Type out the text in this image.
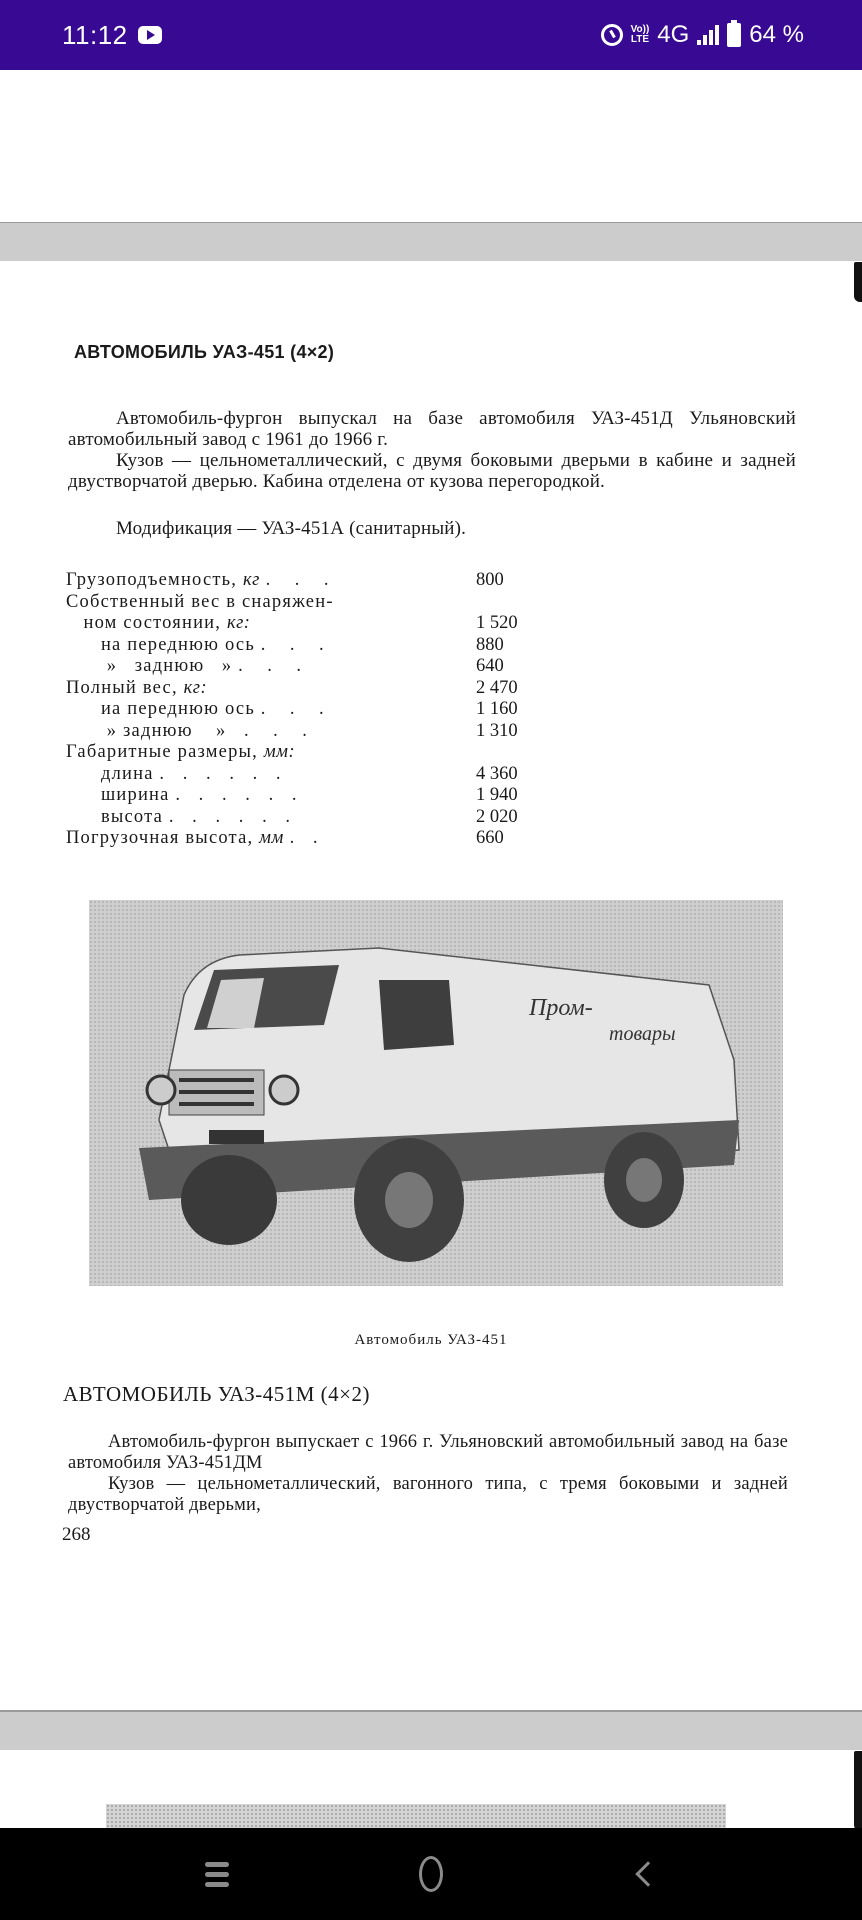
11:12	Vo))
LTE 4G	64 %
АВТОМОБИЛЬ УАЗ-451 (4×2)

Автомобиль-фургон выпускал на базе автомобиля УАЗ-451Д Ульяновский автомобильный завод с 1961 до 1966 г.

Кузов — цельнометаллический, с двумя боковыми дверьми в кабине и задней двустворчатой дверью. Кабина отделена от кузова перегородкой.

Модификация — УАЗ-451А (санитарный).

Грузоподъемность, кг .    .    .	800
Собственный вес в снаряжен-
ном состоянии, кг:	1 520
на переднюю ось .    .    .	880
»   заднюю   » .    .    .	640
Полный вес, кг:	2 470
иа переднюю ось .    .    .	1 160
» заднюю    »   .    .    .	1 310
Габаритные размеры, мм:
длина .   .   .   .   .   .	4 360
ширина .   .   .   .   .   .	1 940
высота .   .   .   .   .   .	2 020
Погрузочная высота, мм .   .	660
Пром-
товары
Автомобиль УАЗ-451
АВТОМОБИЛЬ УАЗ-451М (4×2)

Автомобиль-фургон выпускает с 1966 г. Ульяновский автомобильный завод на базе автомобиля УАЗ-451ДМ

Кузов — цельнометаллический, вагонного типа, с тремя боковыми и задней двустворчатой дверьми,

268
